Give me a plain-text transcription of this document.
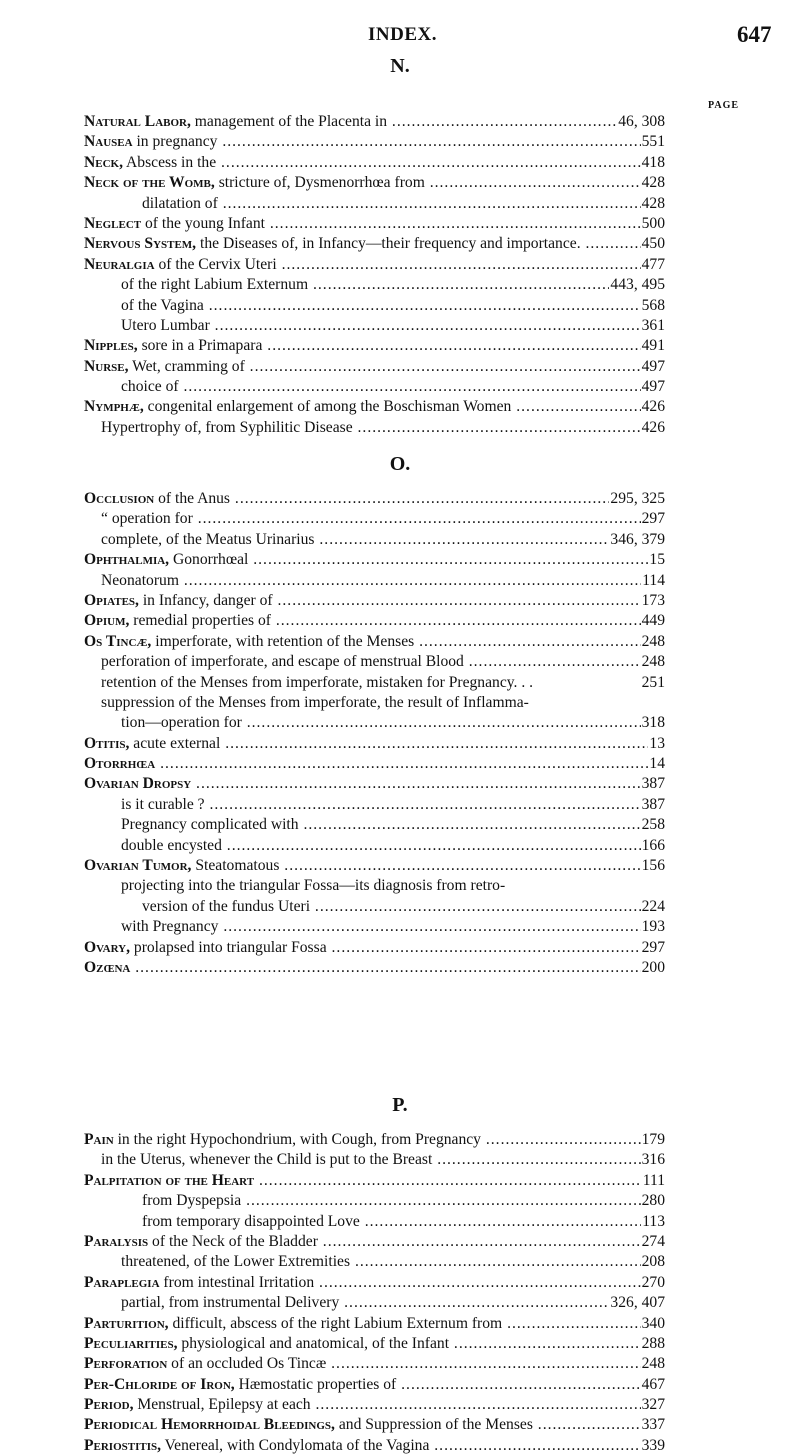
INDEX.	647
N.
PAGE
Natural Labor, management of the Placenta in .....	46, 308
Nausea in pregnancy .....	551
Neck, Abscess in the .....	418
Neck of the Womb, stricture of, Dysmenorrhœa from .....	428
dilatation of .....	428
Neglect of the young Infant .....	500
Nervous System, the Diseases of, in Infancy—their frequency and importance. .....	450
Neuralgia of the Cervix Uteri .....	477
of the right Labium Externum .....	443, 495
of the Vagina .....	568
Utero Lumbar .....	361
Nipples, sore in a Primapara .....	491
Nurse, Wet, cramming of .....	497
choice of .....	497
Nymphæ, congenital enlargement of among the Boschisman Women .....	426
Hypertrophy of, from Syphilitic Disease .....	426
O.
Occlusion of the Anus .....	295, 325
“ operation for .....	297
complete, of the Meatus Urinarius .....	346, 379
Ophthalmia, Gonorrhœal .....	15
Neonatorum .....	114
Opiates, in Infancy, danger of .....	173
Opium, remedial properties of .....	449
Os Tincæ, imperforate, with retention of the Menses .....	248
perforation of imperforate, and escape of menstrual Blood .....	248
retention of the Menses from imperforate, mistaken for Pregnancy. . .	251
suppression of the Menses from imperforate, the result of Inflamma-
tion—operation for .....	318
Otitis, acute external .....	13
Otorrhœa .....	14
Ovarian Dropsy .....	387
is it curable ? .....	387
Pregnancy complicated with .....	258
double encysted .....	166
Ovarian Tumor, Steatomatous .....	156
projecting into the triangular Fossa—its diagnosis from retro-
version of the fundus Uteri .....	224
with Pregnancy .....	193
Ovary, prolapsed into triangular Fossa .....	297
Ozœna .....	200
P.
Pain in the right Hypochondrium, with Cough, from Pregnancy .....	179
in the Uterus, whenever the Child is put to the Breast .....	316
Palpitation of the Heart .....	111
from Dyspepsia .....	280
from temporary disappointed Love .....	113
Paralysis of the Neck of the Bladder .....	274
threatened, of the Lower Extremities .....	208
Paraplegia from intestinal Irritation .....	270
partial, from instrumental Delivery .....	326, 407
Parturition, difficult, abscess of the right Labium Externum from .....	340
Peculiarities, physiological and anatomical, of the Infant .....	288
Perforation of an occluded Os Tincæ .....	248
Per-Chloride of Iron, Hæmostatic properties of .....	467
Period, Menstrual, Epilepsy at each .....	327
Periodical Hemorrhoidal Bleedings, and Suppression of the Menses .....	337
Periostitis, Venereal, with Condylomata of the Vagina .....	339
